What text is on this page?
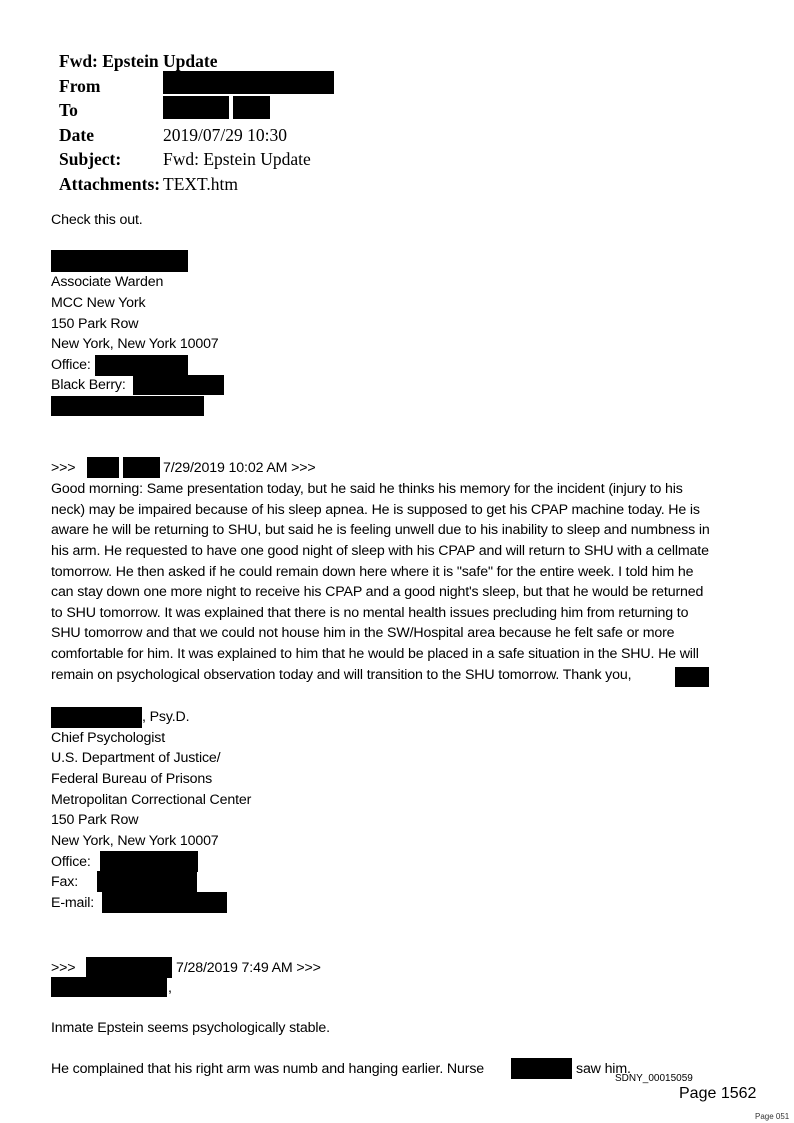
Fwd: Epstein Update
From
To
Date	2019/07/29 10:30
Subject: Fwd: Epstein Update
Attachments: TEXT.htm
Check this out.
Associate Warden
MCC New York
150 Park Row
New York, New York 10007
Office:
Black Berry:
>>>	7/29/2019 10:02 AM >>>
Good morning: Same presentation today, but he said he thinks his memory for the incident (injury to his
neck) may be impaired because of his sleep apnea. He is supposed to get his CPAP machine today. He is
aware he will be returning to SHU, but said he is feeling unwell due to his inability to sleep and numbness in
his arm. He requested to have one good night of sleep with his CPAP and will return to SHU with a cellmate
tomorrow. He then asked if he could remain down here where it is "safe" for the entire week. I told him he
can stay down one more night to receive his CPAP and a good night's sleep, but that he would be returned
to SHU tomorrow. It was explained that there is no mental health issues precluding him from returning to
SHU tomorrow and that we could not house him in the SW/Hospital area because he felt safe or more
comfortable for him. It was explained to him that he would be placed in a safe situation in the SHU. He will
remain on psychological observation today and will transition to the SHU tomorrow. Thank you,
, Psy.D.
Chief Psychologist
U.S. Department of Justice/
Federal Bureau of Prisons
Metropolitan Correctional Center
150 Park Row
New York, New York 10007
Office:
Fax:
E-mail:
>>>	7/28/2019 7:49 AM >>>
,
Inmate Epstein seems psychologically stable.
He complained that his right arm was numb and hanging earlier. Nurse	saw him.
SDNY_00015059
Page 1562
Page 051
